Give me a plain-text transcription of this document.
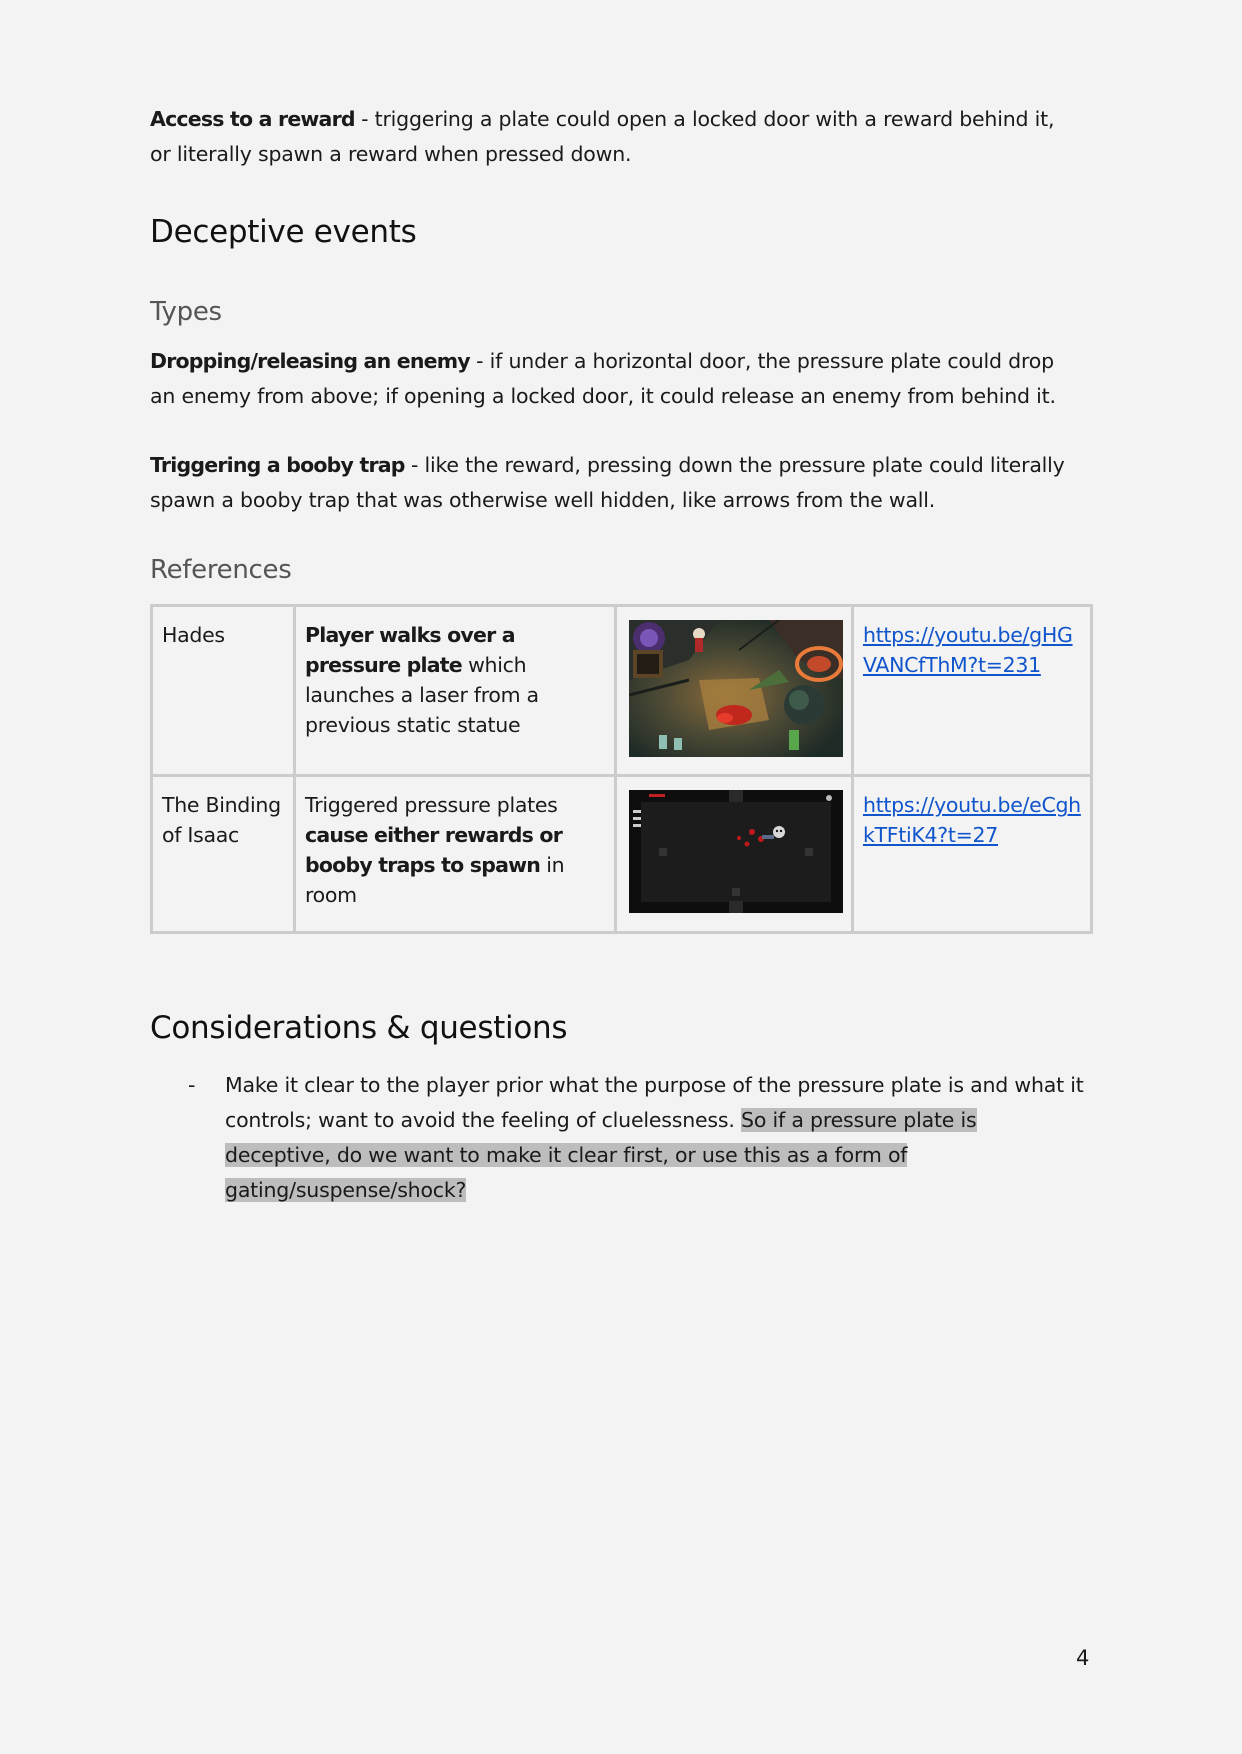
Access to a reward - triggering a plate could open a locked door with a reward behind it, or literally spawn a reward when pressed down.

Deceptive events
Types

Dropping/releasing an enemy - if under a horizontal door, the pressure plate could drop an enemy from above; if opening a locked door, it could release an enemy from behind it.

Triggering a booby trap - like the reward, pressing down the pressure plate could literally spawn a booby trap that was otherwise well hidden, like arrows from the wall.

References
Hades	Player walks over a pressure plate which launches a laser from a previous static statue		https://youtu.be/gHGVANCfThM?t=231
The Binding of Isaac	Triggered pressure plates cause either rewards or booby traps to spawn in room		https://youtu.be/eCghkTFtiK4?t=27
Considerations & questions
- Make it clear to the player prior what the purpose of the pressure plate is and what it controls; want to avoid the feeling of cluelessness. So if a pressure plate is deceptive, do we want to make it clear first, or use this as a form of gating/suspense/shock?

4
